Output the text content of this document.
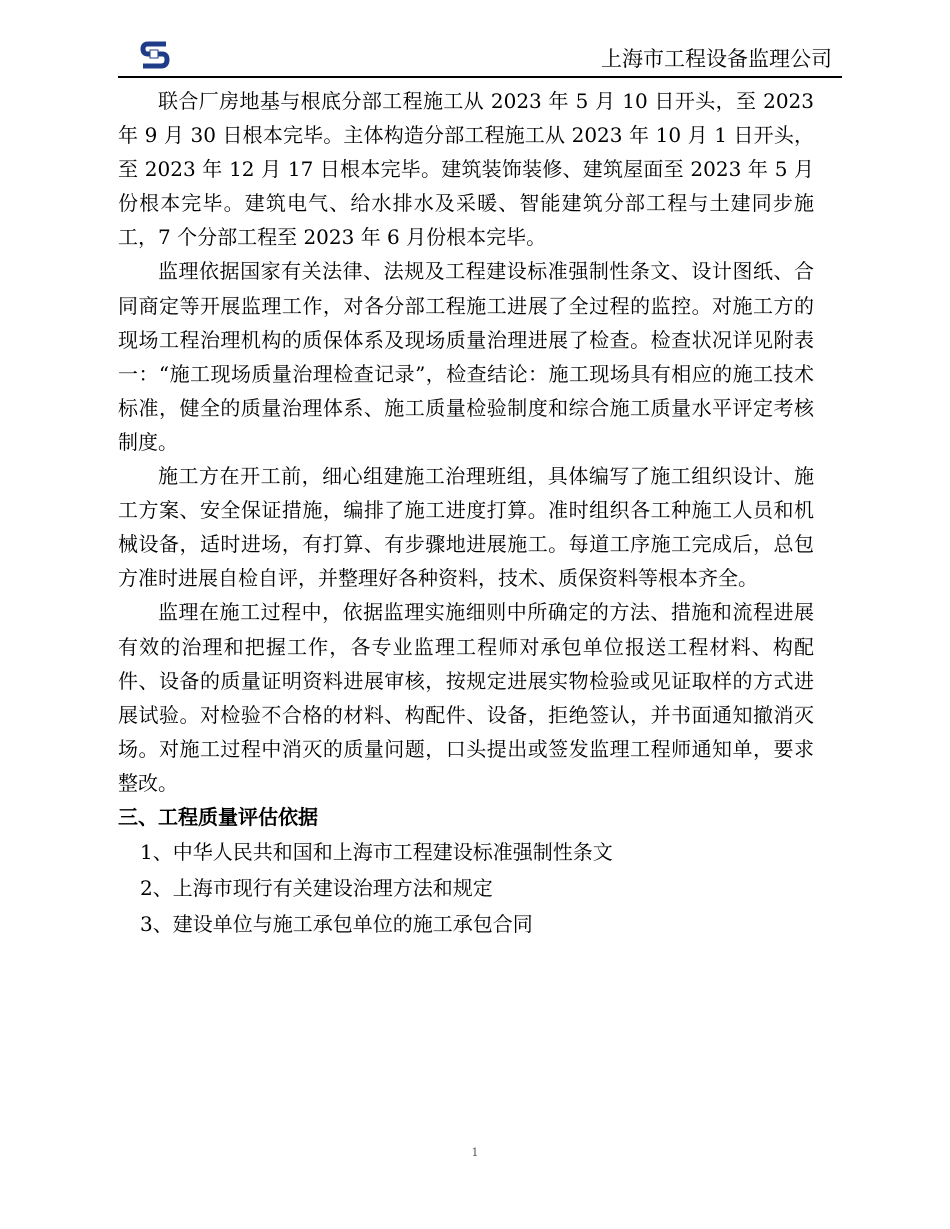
上海市工程设备监理公司

联合厂房地基与根底分部工程施工从 2023 年 5 月 10 日开头，至 2023 年 9 月 30 日根本完毕。主体构造分部工程施工从 2023 年 10 月 1 日开头，至 2023 年 12 月 17 日根本完毕。建筑装饰装修、建筑屋面至 2023 年 5 月份根本完毕。建筑电气、给水排水及采暖、智能建筑分部工程与土建同步施工，7 个分部工程至 2023 年 6 月份根本完毕。

监理依据国家有关法律、法规及工程建设标准强制性条文、设计图纸、合同商定等开展监理工作，对各分部工程施工进展了全过程的监控。对施工方的现场工程治理机构的质保体系及现场质量治理进展了检查。检查状况详见附表一：“施工现场质量治理检查记录”，检查结论：施工现场具有相应的施工技术标准，健全的质量治理体系、施工质量检验制度和综合施工质量水平评定考核制度。

施工方在开工前，细心组建施工治理班组，具体编写了施工组织设计、施工方案、安全保证措施，编排了施工进度打算。准时组织各工种施工人员和机械设备，适时进场，有打算、有步骤地进展施工。每道工序施工完成后，总包方准时进展自检自评，并整理好各种资料，技术、质保资料等根本齐全。

监理在施工过程中，依据监理实施细则中所确定的方法、措施和流程进展有效的治理和把握工作，各专业监理工程师对承包单位报送工程材料、构配件、设备的质量证明资料进展审核，按规定进展实物检验或见证取样的方式进展试验。对检验不合格的材料、构配件、设备，拒绝签认，并书面通知撤消灭场。对施工过程中消灭的质量问题，口头提出或签发监理工程师通知单，要求整改。

三、工程质量评估依据

1、中华人民共和国和上海市工程建设标准强制性条文

2、上海市现行有关建设治理方法和规定

3、建设单位与施工承包单位的施工承包合同

1
